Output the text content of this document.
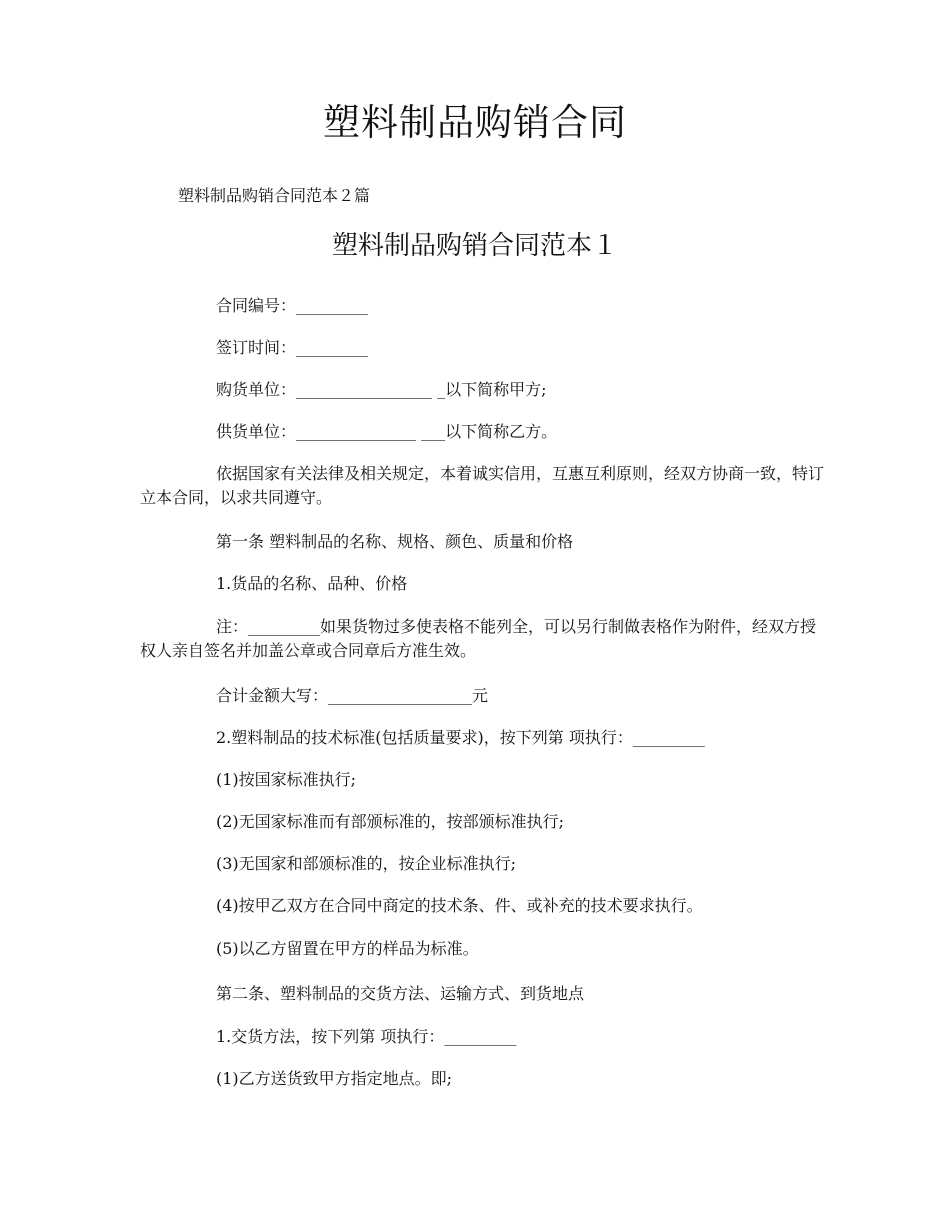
塑料制品购销合同
塑料制品购销合同范本２篇
塑料制品购销合同范本１
合同编号：_________
签订时间：_________
购货单位：_________________ _以下简称甲方;
供货单位：_______________ ___以下简称乙方。
依据国家有关法律及相关规定，本着诚实信用，互惠互利原则，经双方协商一致，特订立本合同，以求共同遵守。
第一条 塑料制品的名称、规格、颜色、质量和价格
1.货品的名称、品种、价格
注：_________如果货物过多使表格不能列全，可以另行制做表格作为附件，经双方授权人亲自签名并加盖公章或合同章后方准生效。
合计金额大写：__________________元
2.塑料制品的技术标准(包括质量要求)，按下列第 项执行：_________
(1)按国家标准执行;
(2)无国家标准而有部颁标准的，按部颁标准执行;
(3)无国家和部颁标准的，按企业标准执行;
(4)按甲乙双方在合同中商定的技术条、件、或补充的技术要求执行。
(5)以乙方留置在甲方的样品为标准。
第二条、塑料制品的交货方法、运输方式、到货地点
1.交货方法，按下列第 项执行：_________
(1)乙方送货致甲方指定地点。即;
